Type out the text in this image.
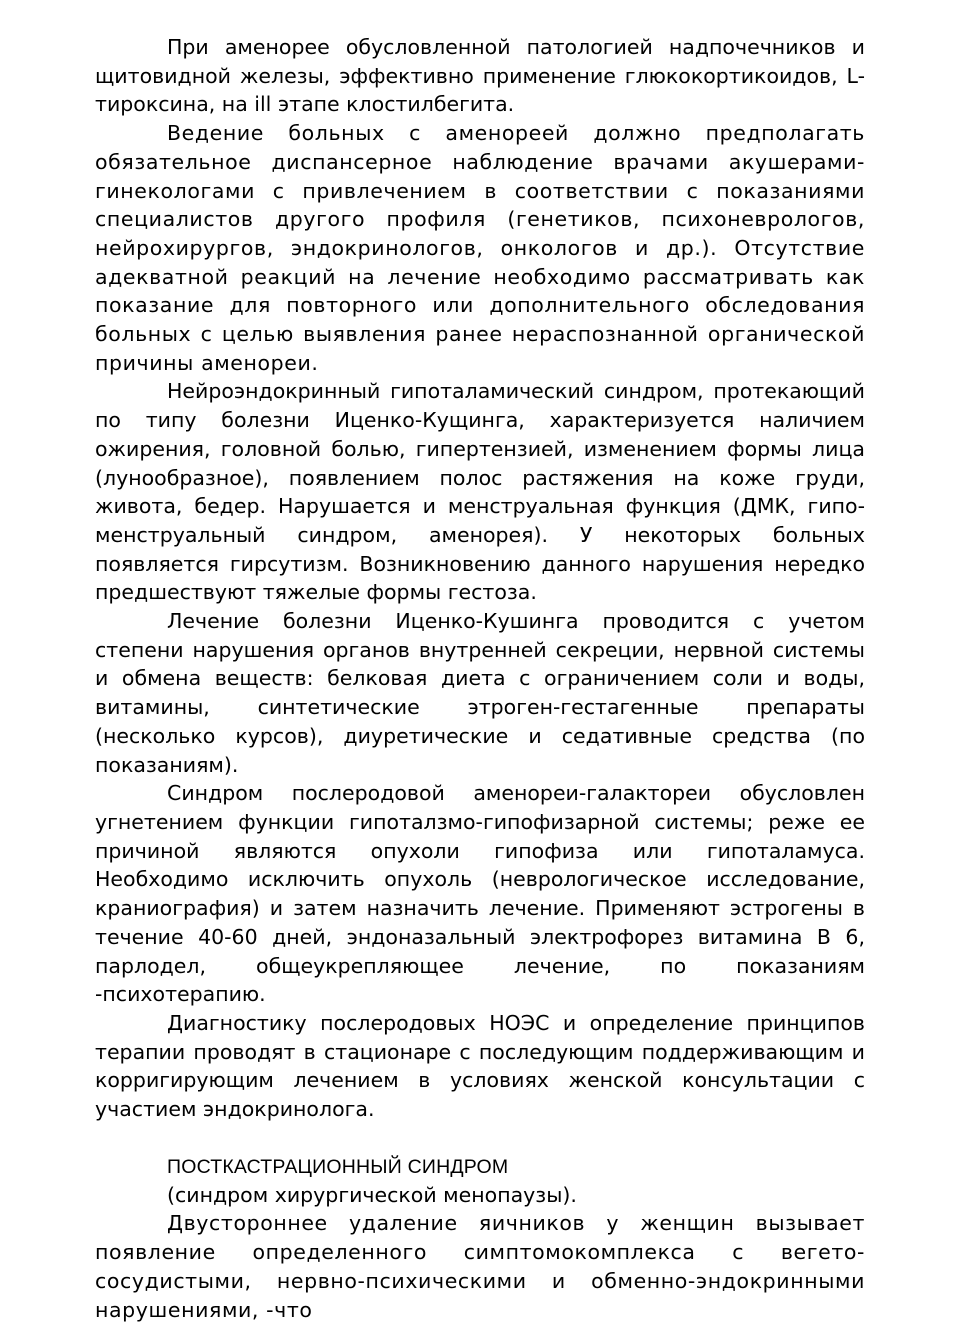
При аменорее обусловленной патологией надпочечников и щитовидной железы, эффективно применение глюкокортикоидов, L-тироксина, на ill этапе клостилбегита.

Ведение больных с аменореей должно предполагать обязательное диспансерное наблюдение врачами акушерами-гинекологами с привлечением в соответствии с показаниями специалистов другого профиля (генетиков, психоневрологов, нейрохирургов, эндокринологов, онкологов и др.). Отсутствие адекватной реакций на лечение необходимо рассматривать как показание для повторного или дополнительного обследования больных с целью выявления ранее нераспознанной органической причины аменореи.

Нейроэндокринный гипоталамический синдром, протекающий по типу болезни Иценко-Кущинга, характеризуется наличием ожирения, головной болью, гипертензией, изменением формы лица (лунообразное), появлением полос растяжения на коже груди, живота, бедер. Нарушается и менструальная функция (ДМК, гипо-менструальный синдром, аменорея). У некоторых больных появляется гирсутизм. Возникновению данного нарушения нередко предшествуют тяжелые формы гестоза.

Лечение болезни Иценко-Кушинга проводится с учетом степени нарушения органов внутренней секреции, нервной системы и обмена веществ: белковая диета с ограничением соли и воды, витамины, синтетические этроген-гестагенные препараты (несколько курсов), диуретические и седативные средства (по показаниям).

Синдром послеродовой аменореи-галактореи обусловлен угнетением функции гипоталзмо-гипофизарной системы; реже ее причиной являются опухоли гипофиза или гипоталамуса. Необходимо исключить опухоль (неврологическое исследование, краниография) и затем назначить лечение. Применяют эстрогены в течение 40-60 дней, эндоназальный электрофорез витамина В 6, парлодел, общеукрепляющее лечение, по показаниям -психотерапию.

Диагностику послеродовых НОЭС и определение принципов терапии проводят в стационаре с последующим поддерживающим и корригирующим лечением в условиях женской консультации с участием эндокринолога.

ПОСТКАСТРАЦИОННЫЙ СИНДРОМ

(синдром хирургической менопаузы).

Двустороннее удаление яичников у женщин вызывает появление определенного симптомокомплекса с вегето-сосудистыми, нервно-психическими и обменно-эндокринными нарушениями, -что
